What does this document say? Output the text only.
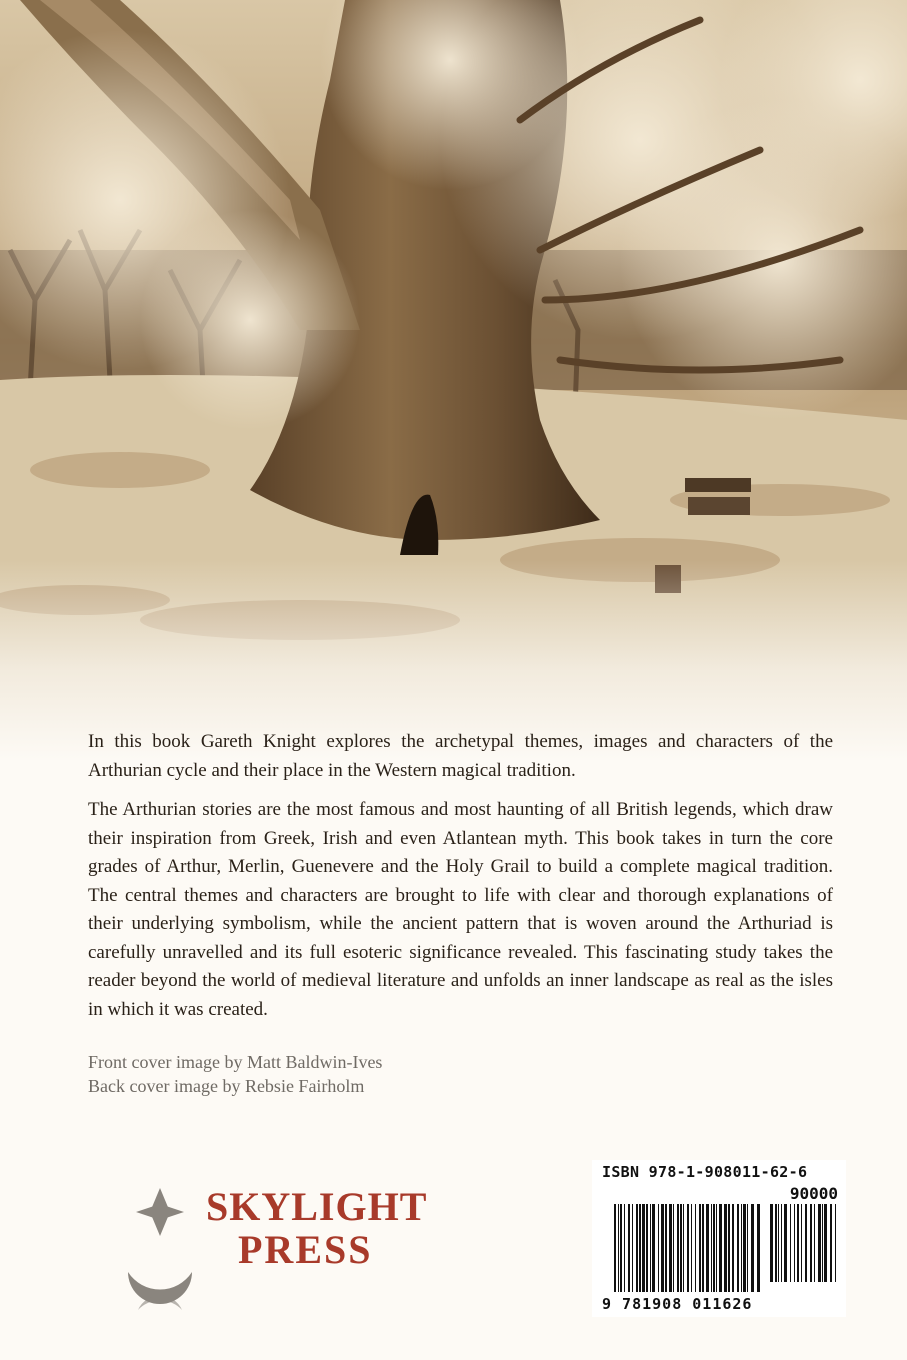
In this book Gareth Knight explores the archetypal themes, images and characters of the Arthurian cycle and their place in the Western magical tradition.

The Arthurian stories are the most famous and most haunting of all British legends, which draw their inspiration from Greek, Irish and even Atlantean myth. This book takes in turn the core grades of Arthur, Merlin, Guenevere and the Holy Grail to build a complete magical tradition. The central themes and characters are brought to life with clear and thorough explanations of their underlying symbolism, while the ancient pattern that is woven around the Arthuriad is carefully unravelled and its full esoteric significance revealed. This fascinating study takes the reader beyond the world of medieval literature and unfolds an inner landscape as real as the isles in which it was created.

Front cover image by Matt Baldwin-Ives

Back cover image by Rebsie Fairholm

SKYLIGHT
PRESS
ISBN 978-1-908011-62-6
90000
9 781908 011626
